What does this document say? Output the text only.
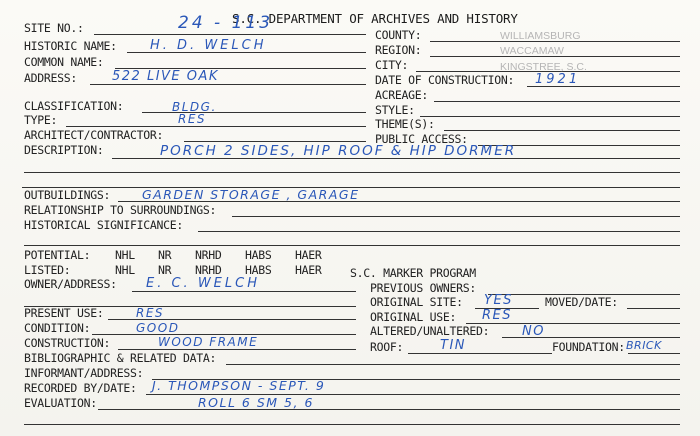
S.C. DEPARTMENT OF ARCHIVES AND HISTORY
SITE NO.:	24 - 113
HISTORIC NAME:	H. D. WELCH
COMMON NAME:
ADDRESS:	522 LIVE OAK
CLASSIFICATION:	BLDG.
TYPE:	RES
ARCHITECT/CONTRACTOR:
COUNTY:	WILLIAMSBURG
REGION:	WACCAMAW
CITY:	KINGSTREE, S.C.
DATE OF CONSTRUCTION: 1921
ACREAGE:
STYLE:
THEME(S):
PUBLIC ACCESS:
DESCRIPTION:	PORCH 2 SIDES, HIP ROOF & HIP DORMER
OUTBUILDINGS:	GARDEN STORAGE , GARAGE
RELATIONSHIP TO SURROUNDINGS:
HISTORICAL SIGNIFICANCE:
POTENTIAL: NHL NR NRHD HABS HAER
LISTED:	NHL NR NRHD HABS HAER S.C. MARKER PROGRAM
OWNER/ADDRESS: E. C. WELCH	PREVIOUS OWNERS:
ORIGINAL SITE: YES	MOVED/DATE:
ORIGINAL USE: RES
ALTERED/UNALTERED:	NO
PRESENT USE:	RES
CONDITION:	GOOD
CONSTRUCTION:	WOOD FRAME	ROOF:	TIN	FOUNDATION: BRICK
BIBLIOGRAPHIC & RELATED DATA:
INFORMANT/ADDRESS:
RECORDED BY/DATE: J. THOMPSON - SEPT. 9
EVALUATION:	ROLL 6 SM 5, 6
